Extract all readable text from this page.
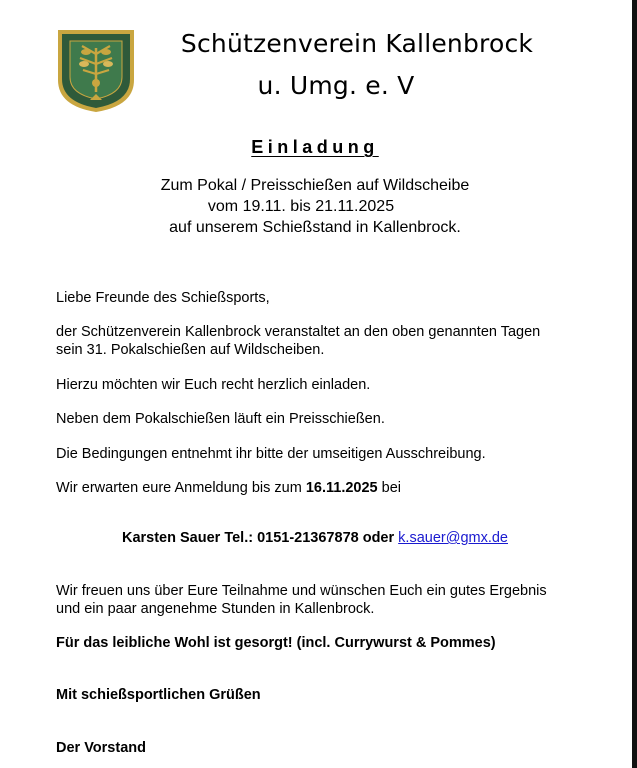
Schützenverein Kallenbrock
u. Umg. e. V
Einladung
Zum Pokal / Preisschießen auf Wildscheibe
vom 19.11. bis 21.11.2025
auf unserem Schießstand in Kallenbrock.
Liebe Freunde des Schießsports,
der Schützenverein Kallenbrock veranstaltet an den oben genannten Tagen
sein 31. Pokalschießen auf Wildscheiben.
Hierzu möchten wir Euch recht herzlich einladen.
Neben dem Pokalschießen läuft ein Preisschießen.
Die Bedingungen entnehmt ihr bitte der umseitigen Ausschreibung.
Wir erwarten eure Anmeldung bis zum 16.11.2025 bei
Karsten Sauer Tel.: 0151-21367878 oder k.sauer@gmx.de
Wir freuen uns über Eure Teilnahme und wünschen Euch ein gutes Ergebnis
und ein paar angenehme Stunden in Kallenbrock.
Für das leibliche Wohl ist gesorgt! (incl. Currywurst & Pommes)
Mit schießsportlichen Grüßen
Der Vorstand
